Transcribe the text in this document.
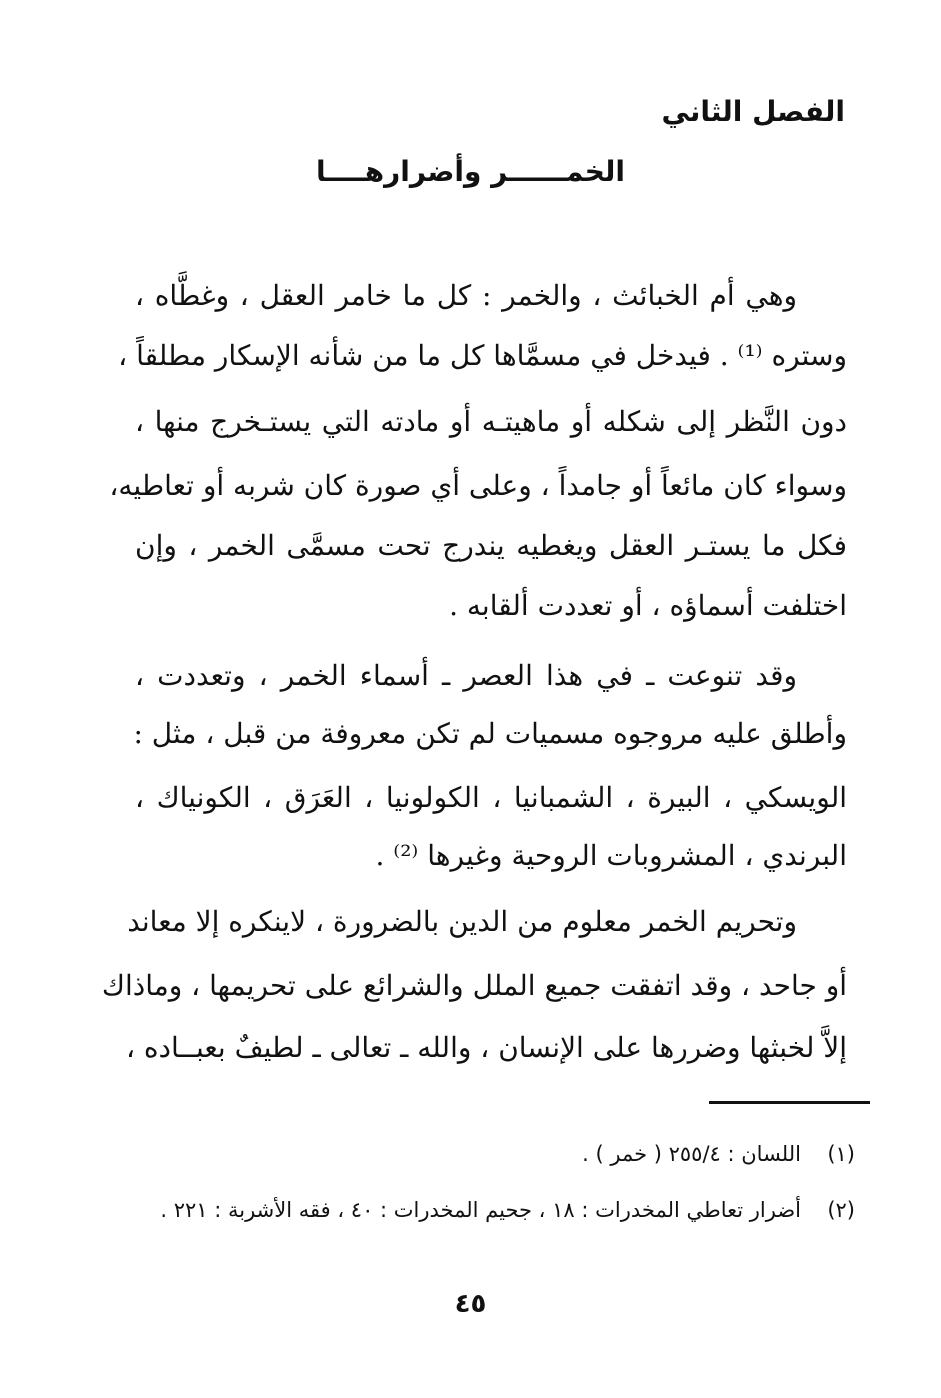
الفصل الثاني
الخمــــــر وأضرارهــــا
وهي أم الخبائث ، والخمر : كل ما خامر العقل ، وغطَّاه ،
وستره ⁽¹⁾ . فيدخل في مسمَّاها كل ما من شأنه الإسكار مطلقاً ،
دون النَّظر إلى شكله أو ماهيتـه أو مادته التي يستـخرج منها ،
وسواء كان مائعاً أو جامداً ، وعلى أي صورة كان شربه أو تعاطيه،
فكل ما يستـر العقل ويغطيه يندرج تحت مسمَّى الخمر ، وإن
اختلفت أسماؤه ، أو تعددت ألقابه .
وقد تنوعت ـ في هذا العصر ـ أسماء الخمر ، وتعددت ،
وأطلق عليه مروجوه مسميات لم تكن معروفة من قبل ، مثل :
الويسكي ، البيرة ، الشمبانيا ، الكولونيا ، العَرَق ، الكونياك ،
البرندي ، المشروبات الروحية وغيرها ⁽²⁾ .
وتحريم الخمر معلوم من الدين بالضرورة ، لاينكره إلا معاند
أو جاحد ، وقد اتفقت جميع الملل والشرائع على تحريمها ، وماذاك
إلاَّ لخبثها وضررها على الإنسان ، والله ـ تعالى ـ لطيفٌ بعبــاده ،
(١)اللسان : ٢٥٥/٤ ( خمر ) .
(٢)أضرار تعاطي المخدرات : ١٨ ، جحيم المخدرات : ٤٠ ، فقه الأشربة : ٢٢١ .
٤٥
